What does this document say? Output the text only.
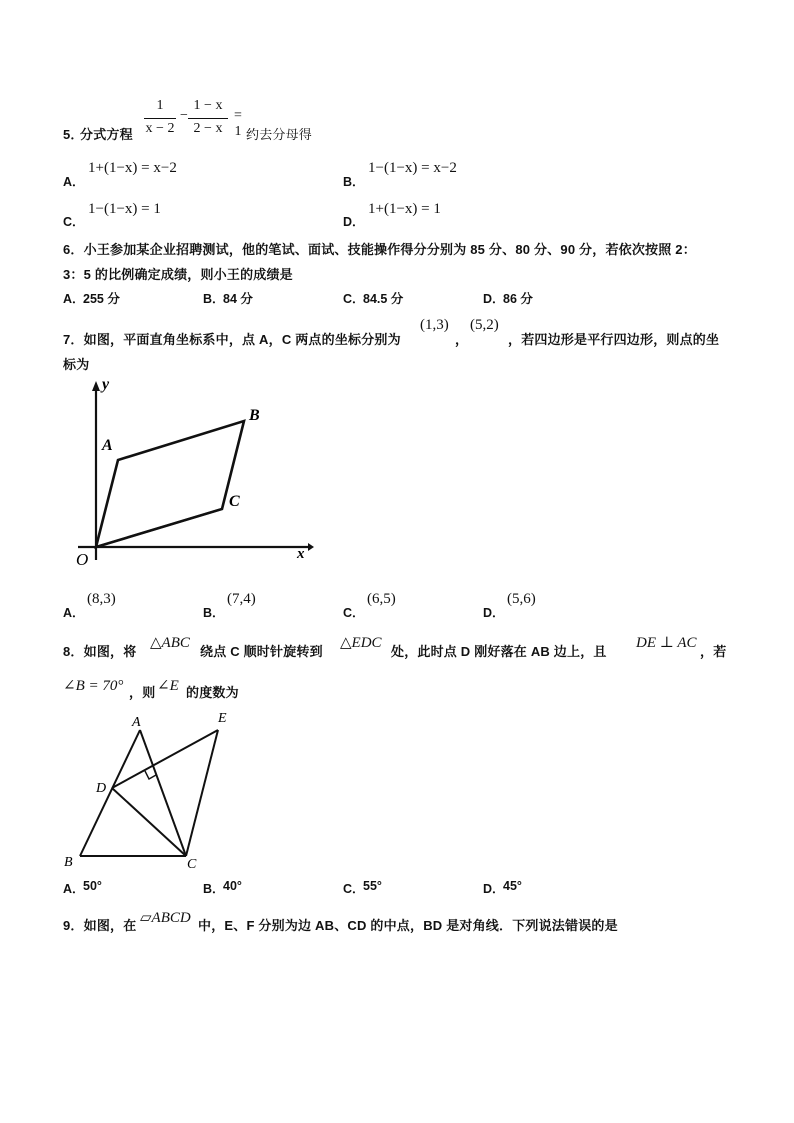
5．
分式方程
1
x − 2
−
1 − x
2 − x
= 1 约去分母得
A．
1+(1−x) = x−2
B．
1−(1−x) = x−2
C．
1−(1−x) = 1
D．
1+(1−x) = 1
6．小王参加某企业招聘测试，他的笔试、面试、技能操作得分分别为 85 分、80 分、90 分，若依次按照 2：
3：5 的比例确定成绩，则小王的成绩是
A．
255 分	B．
84 分	C．
84.5 分	D．
86 分
7．如图，平面直角坐标系中，点 A，C 两点的坐标分别为
(1,3)
，
(5,2)
，若四边形是平行四边形，则点的坐
标为
y
x
O
A
B
C
A．
(8,3)
B．
(7,4)
C．
(6,5)
D．
(5,6)
8．如图，将
△ABC
绕点 C 顺时针旋转到
△EDC
处，此时点 D 刚好落在 AB 边上，且
DE ⊥ AC
，若
∠B = 70° ，则 ∠E 的度数为
A
B	C
D
E
A．
50°	B．
40°	C．
55°	D．
45°
9．如图，在 ▱ABCD 中，E、F 分别为边 AB、CD 的中点，BD 是对角线．下列说法错误的是
